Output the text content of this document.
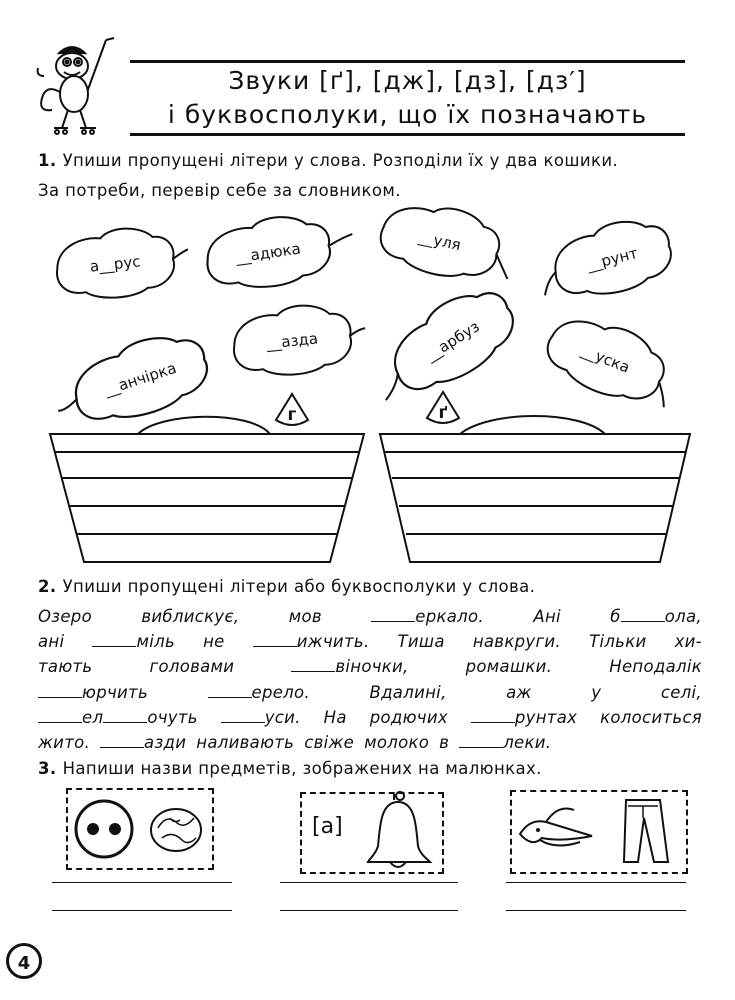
Звуки [ґ], [дж], [дз], [дз′]
і буквосполуки, що їх позначають
1. Упиши пропущені літери у слова. Розподіли їх у два кошики.
За потреби, перевір себе за словником.
а__рус	__адюка	__уля
__рунт
__анчірка
__азда	__арбуз	__уска
г	ґ
2. Упиши пропущені літери або буквосполуки у слова.
Озеро	виблискує,	мов	еркало.	Ані	б	ола,
ані	міль не	ижчить. Тиша навкруги. Тільки хи-
тають	головами	віночки,	ромашки.	Неподалік
юрчить	ерело.	Вдалині,	аж	у	селі,
ел	очуть	уси. На родючих	рунтах колоситься
жито.	азди наливають свіже молоко в	леки.
3. Напиши назви предметів, зображених на малюнках.
[а]
4
